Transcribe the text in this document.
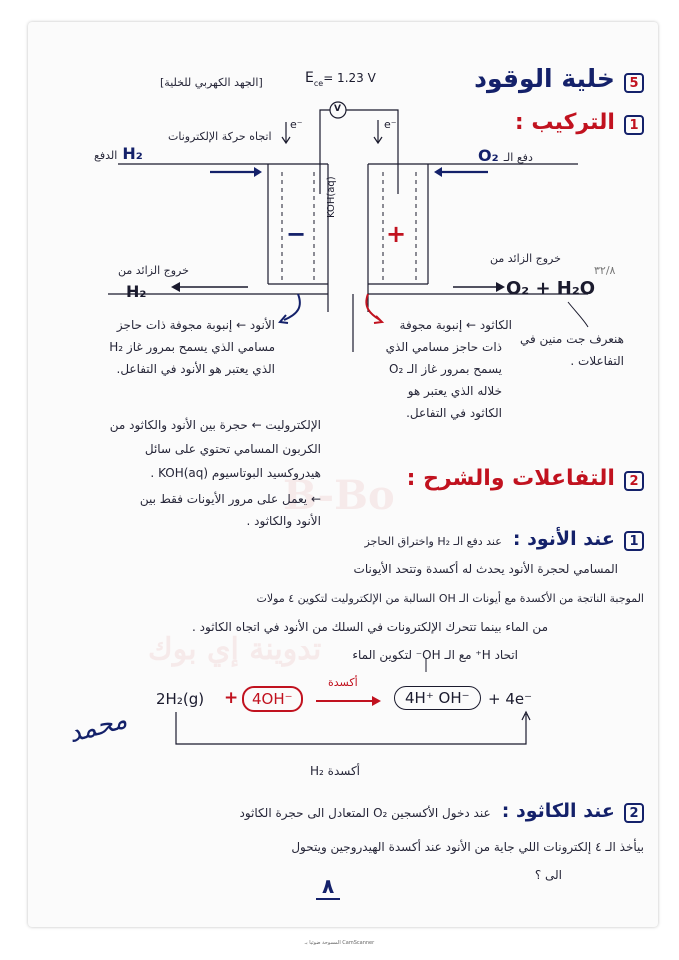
B-Bo
تدوينة إي بوك
$E_{ce}= 1.23$ V
[الجهد الكهربي للخلية]	خلية الوقود 5
التركيب : 1
V
اتجاه حركة الإلكترونات
e⁻	e⁻
الدفع H₂	O₂ دفع الـ
−	+
KOH(aq)
خروج الزائد من
H₂
خروج الزائد من
O₂ + H₂O
٣٢/٨
الأنود ← إنبوبة مجوفة ذات حاجز
مسامي الذي يسمح بمرور غاز H₂
الذي يعتبر هو الأنود في التفاعل.
الكاثود ← إنبوبة مجوفة
ذات حاجز مسامي الذي
يسمح بمرور غاز الـ O₂
خلاله الذي يعتبر هو
الكاثود في التفاعل.
هنعرف جت منين في
التفاعلات .
الإلكتروليت ← حجرة بين الأنود والكاثود من
الكربون المسامي تحتوي على سائل
هيدروكسيد البوتاسيوم KOH(aq) .
← يعمل على مرور الأيونات فقط بين
الأنود والكاثود .
التفاعلات والشرح : 2
عند دفع الـ H₂ واختراق الحاجز عند الأنود : 1
المسامي لحجرة الأنود يحدث له أكسدة وتتحد الأيونات
الموجبة الناتجة من الأكسدة مع أيونات الـ OH السالبة من الإلكتروليت لتكوين ٤ مولات
من الماء بينما تتحرك الإلكترونات في السلك من الأنود في اتجاه الكاثود .
اتحاد H⁺ مع الـ OH⁻ لتكوين الماء
2H₂(g) + 4OH⁻
أكسدة
4H⁺ OH⁻	+ 4e⁻
أكسدة H₂
محمد
عند دخول الأكسجين O₂ المتعادل الى حجرة الكاثود عند الكاثود : 2
بيأخذ الـ ٤ إلكترونات اللي جاية من الأنود عند أكسدة الهيدروجين ويتحول
الى ؟
٨
المسوحة ضوئيا بـ CamScanner
